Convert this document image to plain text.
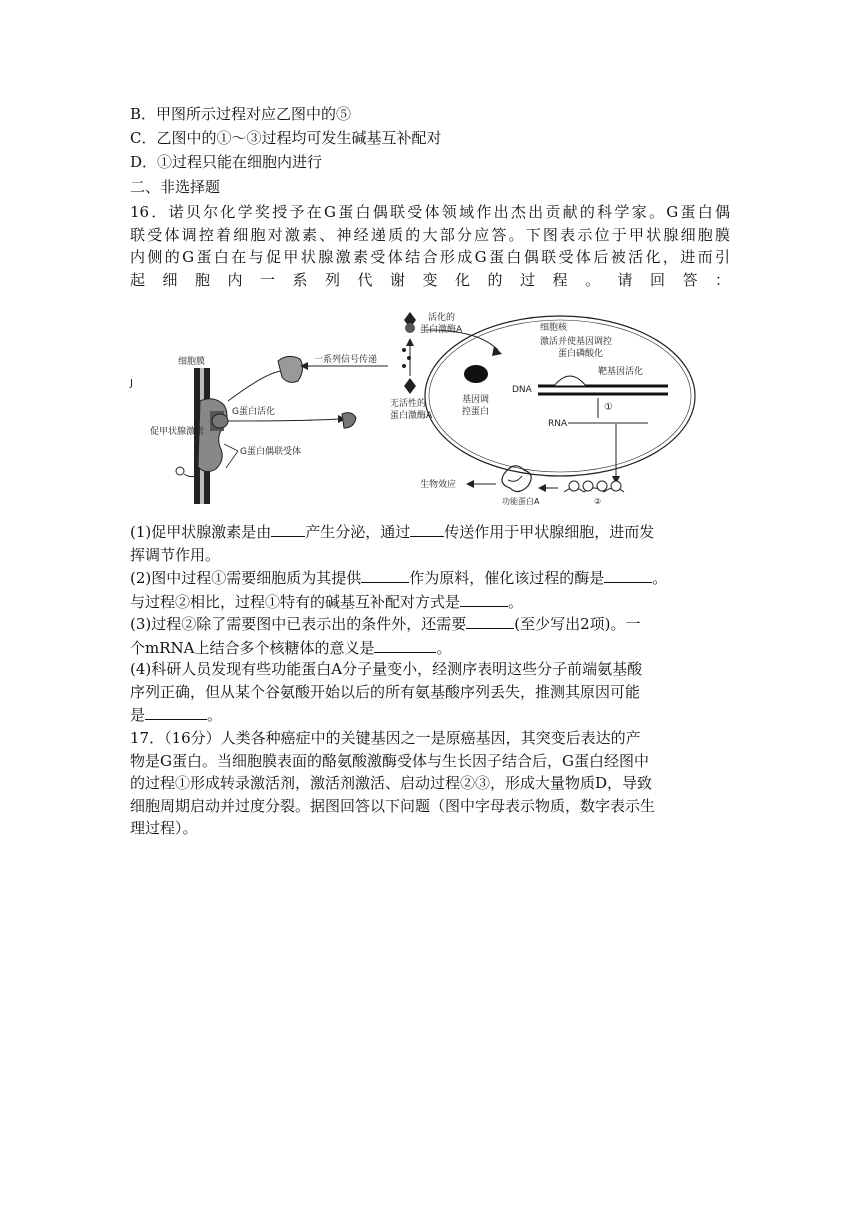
B．甲图所示过程对应乙图中的⑤
C．乙图中的①～③过程均可发生碱基互补配对
D．①过程只能在细胞内进行
二、非选择题
16．诺贝尔化学奖授予在G蛋白偶联受体领域作出杰出贡献的科学家。G蛋白偶
联受体调控着细胞对激素、神经递质的大部分应答。下图表示位于甲状腺细胞膜
内侧的G蛋白在与促甲状腺激素受体结合形成G蛋白偶联受体后被活化，进而引
起细胞内一系列代谢变化的过程。请回答：
J
细胞膜
G蛋白活化
G蛋白偶联受体
促甲状腺激素
一系列信号传递
活化的
蛋白激酶A
无活性的
蛋白激酶A
细胞核
激活并使基因调控
蛋白磷酸化
基因调
控蛋白
DNA
靶基因活化
①
RNA
②
功能蛋白A
生物效应
(1)促甲状腺激素是由 产生分泌，通过 传送作用于甲状腺细胞，进而发
挥调节作用。
(2)图中过程①需要细胞质为其提供	作为原料，催化该过程的酶是	。
与过程②相比，过程①特有的碱基互补配对方式是	。
(3)过程②除了需要图中已表示出的条件外，还需要	(至少写出2项)。一
个mRNA上结合多个核糖体的意义是	。
(4)科研人员发现有些功能蛋白A分子量变小，经测序表明这些分子前端氨基酸
序列正确，但从某个谷氨酸开始以后的所有氨基酸序列丢失，推测其原因可能
是	。
17．（16分）人类各种癌症中的关键基因之一是原癌基因，其突变后表达的产
物是G蛋白。当细胞膜表面的酪氨酸激酶受体与生长因子结合后，G蛋白经图中
的过程①形成转录激活剂，激活剂激活、启动过程②③，形成大量物质D，导致
细胞周期启动并过度分裂。据图回答以下问题（图中字母表示物质，数字表示生
理过程）。
